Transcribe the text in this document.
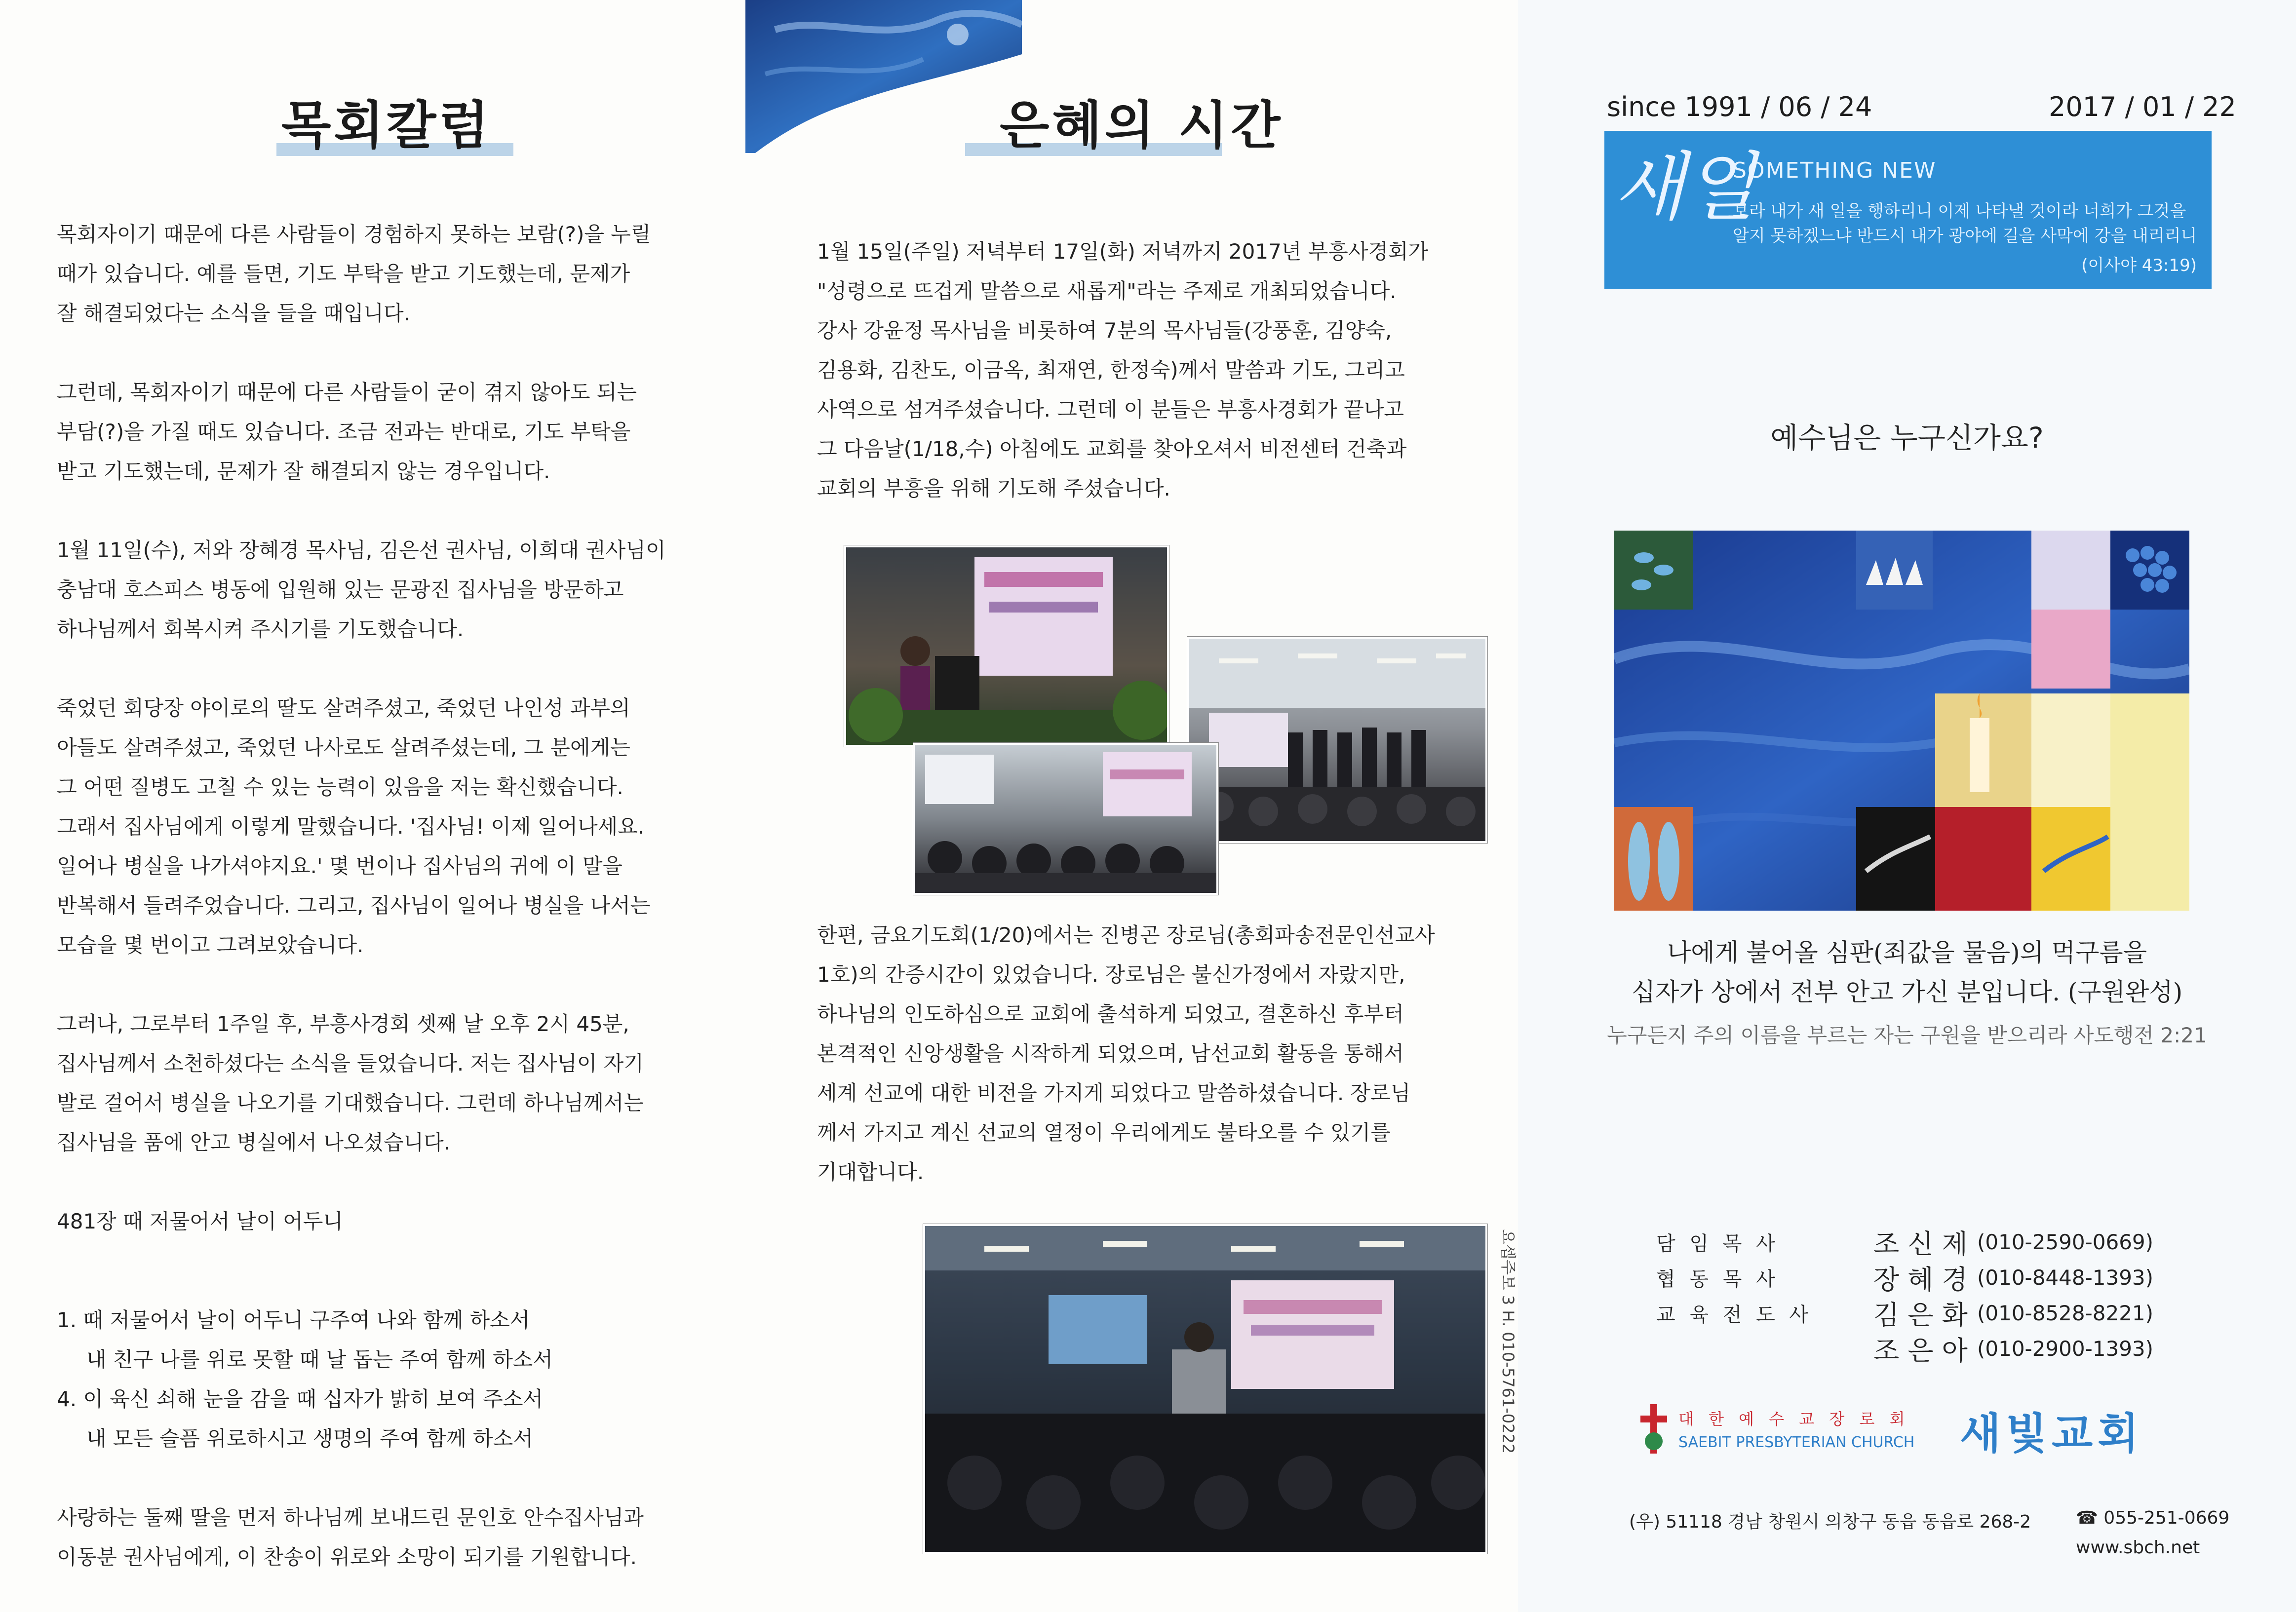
목회칼럼

목회자이기 때문에 다른 사람들이 경험하지 못하는 보람(?)을 누릴

때가 있습니다. 예를 들면, 기도 부탁을 받고 기도했는데, 문제가

잘 해결되었다는 소식을 들을 때입니다.

그런데, 목회자이기 때문에 다른 사람들이 굳이 겪지 않아도 되는

부담(?)을 가질 때도 있습니다. 조금 전과는 반대로, 기도 부탁을

받고 기도했는데, 문제가 잘 해결되지 않는 경우입니다.

1월 11일(수), 저와 장혜경 목사님, 김은선 권사님, 이희대 권사님이

충남대 호스피스 병동에 입원해 있는 문광진 집사님을 방문하고

하나님께서 회복시켜 주시기를 기도했습니다.

죽었던 회당장 야이로의 딸도 살려주셨고, 죽었던 나인성 과부의

아들도 살려주셨고, 죽었던 나사로도 살려주셨는데, 그 분에게는

그 어떤 질병도 고칠 수 있는 능력이 있음을 저는 확신했습니다.

그래서 집사님에게 이렇게 말했습니다. '집사님! 이제 일어나세요.

일어나 병실을 나가셔야지요.' 몇 번이나 집사님의 귀에 이 말을

반복해서 들려주었습니다. 그리고, 집사님이 일어나 병실을 나서는

모습을 몇 번이고 그려보았습니다.

그러나, 그로부터 1주일 후, 부흥사경회 셋째 날 오후 2시 45분,

집사님께서 소천하셨다는 소식을 들었습니다. 저는 집사님이 자기

발로 걸어서 병실을 나오기를 기대했습니다. 그런데 하나님께서는

집사님을 품에 안고 병실에서 나오셨습니다.

481장 때 저물어서 날이 어두니

1. 때 저물어서 날이 어두니 구주여 나와 함께 하소서
내 친구 나를 위로 못할 때 날 돕는 주여 함께 하소서
4. 이 육신 쇠해 눈을 감을 때 십자가 밝히 보여 주소서
내 모든 슬픔 위로하시고 생명의 주여 함께 하소서

사랑하는 둘째 딸을 먼저 하나님께 보내드린 문인호 안수집사님과

이동분 권사님에게, 이 찬송이 위로와 소망이 되기를 기원합니다.

은혜의 시간

1월 15일(주일) 저녁부터 17일(화) 저녁까지 2017년 부흥사경회가

"성령으로 뜨겁게 말씀으로 새롭게"라는 주제로 개최되었습니다.

강사 강윤정 목사님을 비롯하여 7분의 목사님들(강풍훈, 김양숙,

김용화, 김찬도, 이금옥, 최재연, 한정숙)께서 말씀과 기도, 그리고

사역으로 섬겨주셨습니다. 그런데 이 분들은 부흥사경회가 끝나고

그 다음날(1/18,수) 아침에도 교회를 찾아오셔서 비전센터 건축과

교회의 부흥을 위해 기도해 주셨습니다.

한편, 금요기도회(1/20)에서는 진병곤 장로님(총회파송전문인선교사

1호)의 간증시간이 있었습니다. 장로님은 불신가정에서 자랐지만,

하나님의 인도하심으로 교회에 출석하게 되었고, 결혼하신 후부터

본격적인 신앙생활을 시작하게 되었으며, 남선교회 활동을 통해서

세계 선교에 대한 비전을 가지게 되었다고 말씀하셨습니다. 장로님

께서 가지고 계신 선교의 열정이 우리에게도 불타오를 수 있기를

기대합니다.

요셉주보 3 H. 010-5761-0222
since 1991 / 06 / 24	2017 / 01 / 22
새일
SOMETHING NEW
보라 내가 새 일을 행하리니 이제 나타낼 것이라 너희가 그것을
알지 못하겠느냐 반드시 내가 광야에 길을 사막에 강을 내리리니
(이사야 43:19)
예수님은 누구신가요?
나에게 불어올 심판(죄값을 물음)의 먹구름을
십자가 상에서 전부 안고 가신 분입니다. (구원완성)
누구든지 주의 이름을 부르는 자는 구원을 받으리라 사도행전 2:21
담 임 목 사	조 신 제 (010-2590-0669)
협 동 목 사	장 혜 경 (010-8448-1393)
교 육 전 도 사	김 은 화 (010-8528-8221)
조 은 아 (010-2900-1393)
대 한 예 수 교 장 로 회
SAEBIT PRESBYTERIAN CHURCH 새빛교회
(우) 51118 경남 창원시 의창구 동읍 동읍로 268-2	☎ 055-251-0669
www.sbch.net
